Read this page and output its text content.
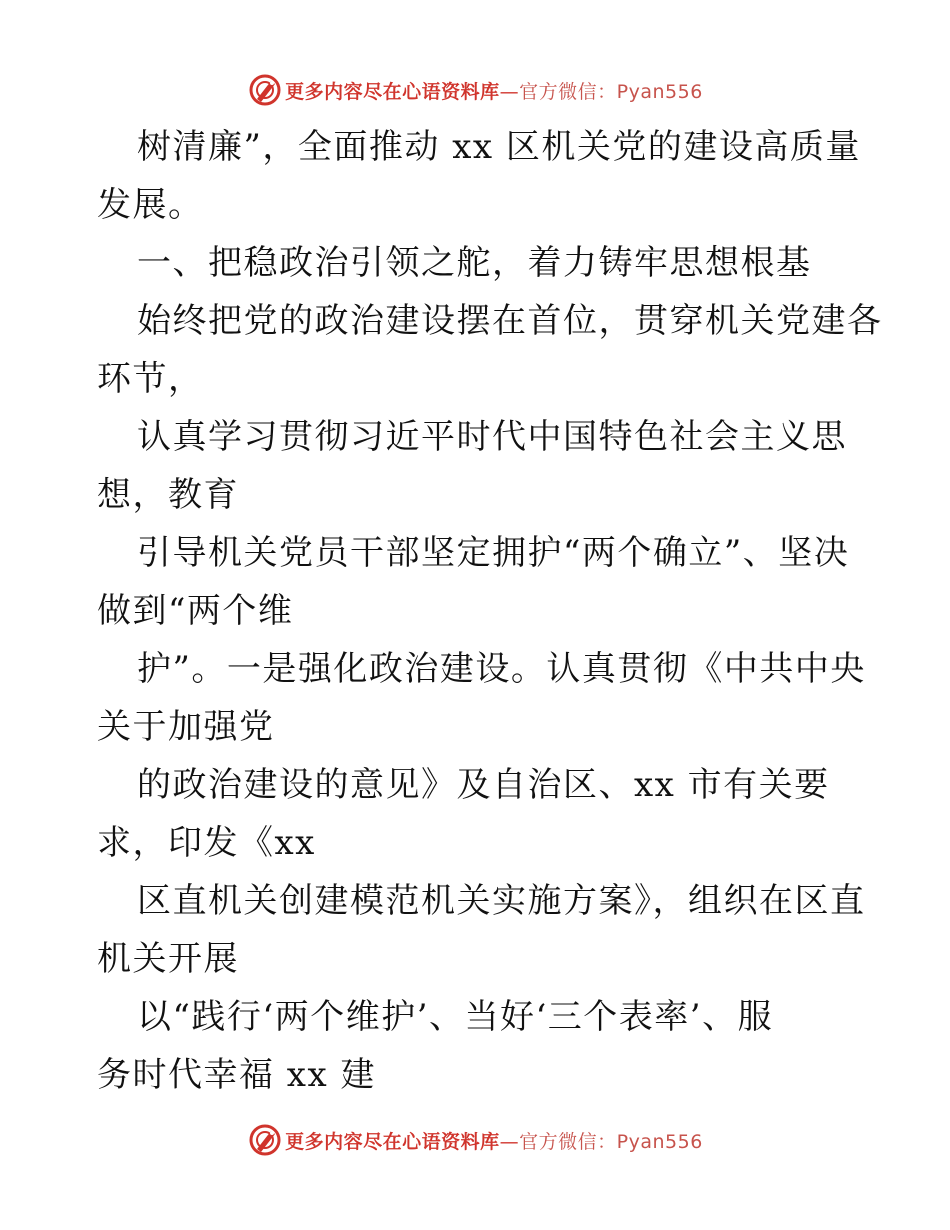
更多内容尽在心语资料库—官方微信：Pyan556
树清廉”，全面推动 xx 区机关党的建设高质量
发展。
一、把稳政治引领之舵，着力铸牢思想根基
始终把党的政治建设摆在首位，贯穿机关党建各
环节，
认真学习贯彻习近平时代中国特色社会主义思
想，教育
引导机关党员干部坚定拥护“两个确立”、坚决
做到“两个维
护”。一是强化政治建设。认真贯彻《中共中央
关于加强党
的政治建设的意见》及自治区、xx 市有关要
求，印发《xx
区直机关创建模范机关实施方案》，组织在区直
机关开展
以“践行‘两个维护’、当好‘三个表率’、服
务时代幸福 xx 建
更多内容尽在心语资料库—官方微信：Pyan556
